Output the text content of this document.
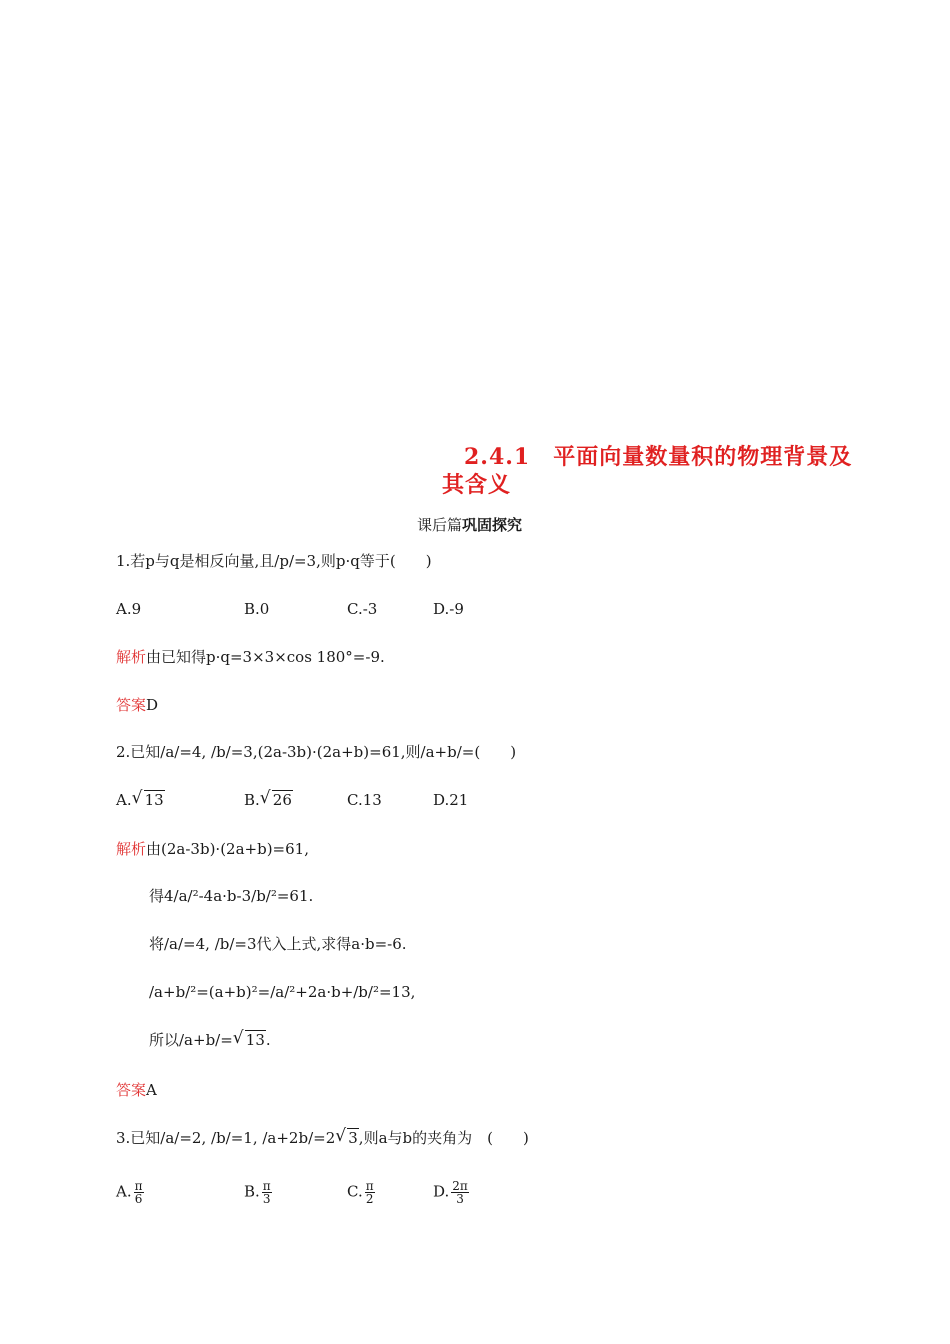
2.4.1　平面向量数量积的物理背景及
其含义
课后篇巩固探究
1.若p与q是相反向量,且/p/=3,则p·q等于(　　)
A.9	B.0	C.-3	D.-9
解析由已知得p·q=3×3×cos 180°=-9.
答案D
2.已知/a/=4, /b/=3,(2a-3b)·(2a+b)=61,则/a+b/=(　　)
A. √ 13	B. √ 26	C.13	D.21
解析由(2a-3b)·(2a+b)=61,
得4/a/²-4a·b-3/b/²=61.
将/a/=4, /b/=3代入上式,求得a·b=-6.
/a+b/²=(a+b)²=/a/²+2a·b+/b/²=13,
所以/a+b/= √ 13.
答案A
3.已知/a/=2, /b/=1, /a+2b/=2 √ 3,则a与b的夹角为　(　　)
A. $\frac{\pi}{6}$	B. $\frac{\pi}{3}$	C. $\frac{\pi}{2}$	D. $\frac{2\pi}{3}$
